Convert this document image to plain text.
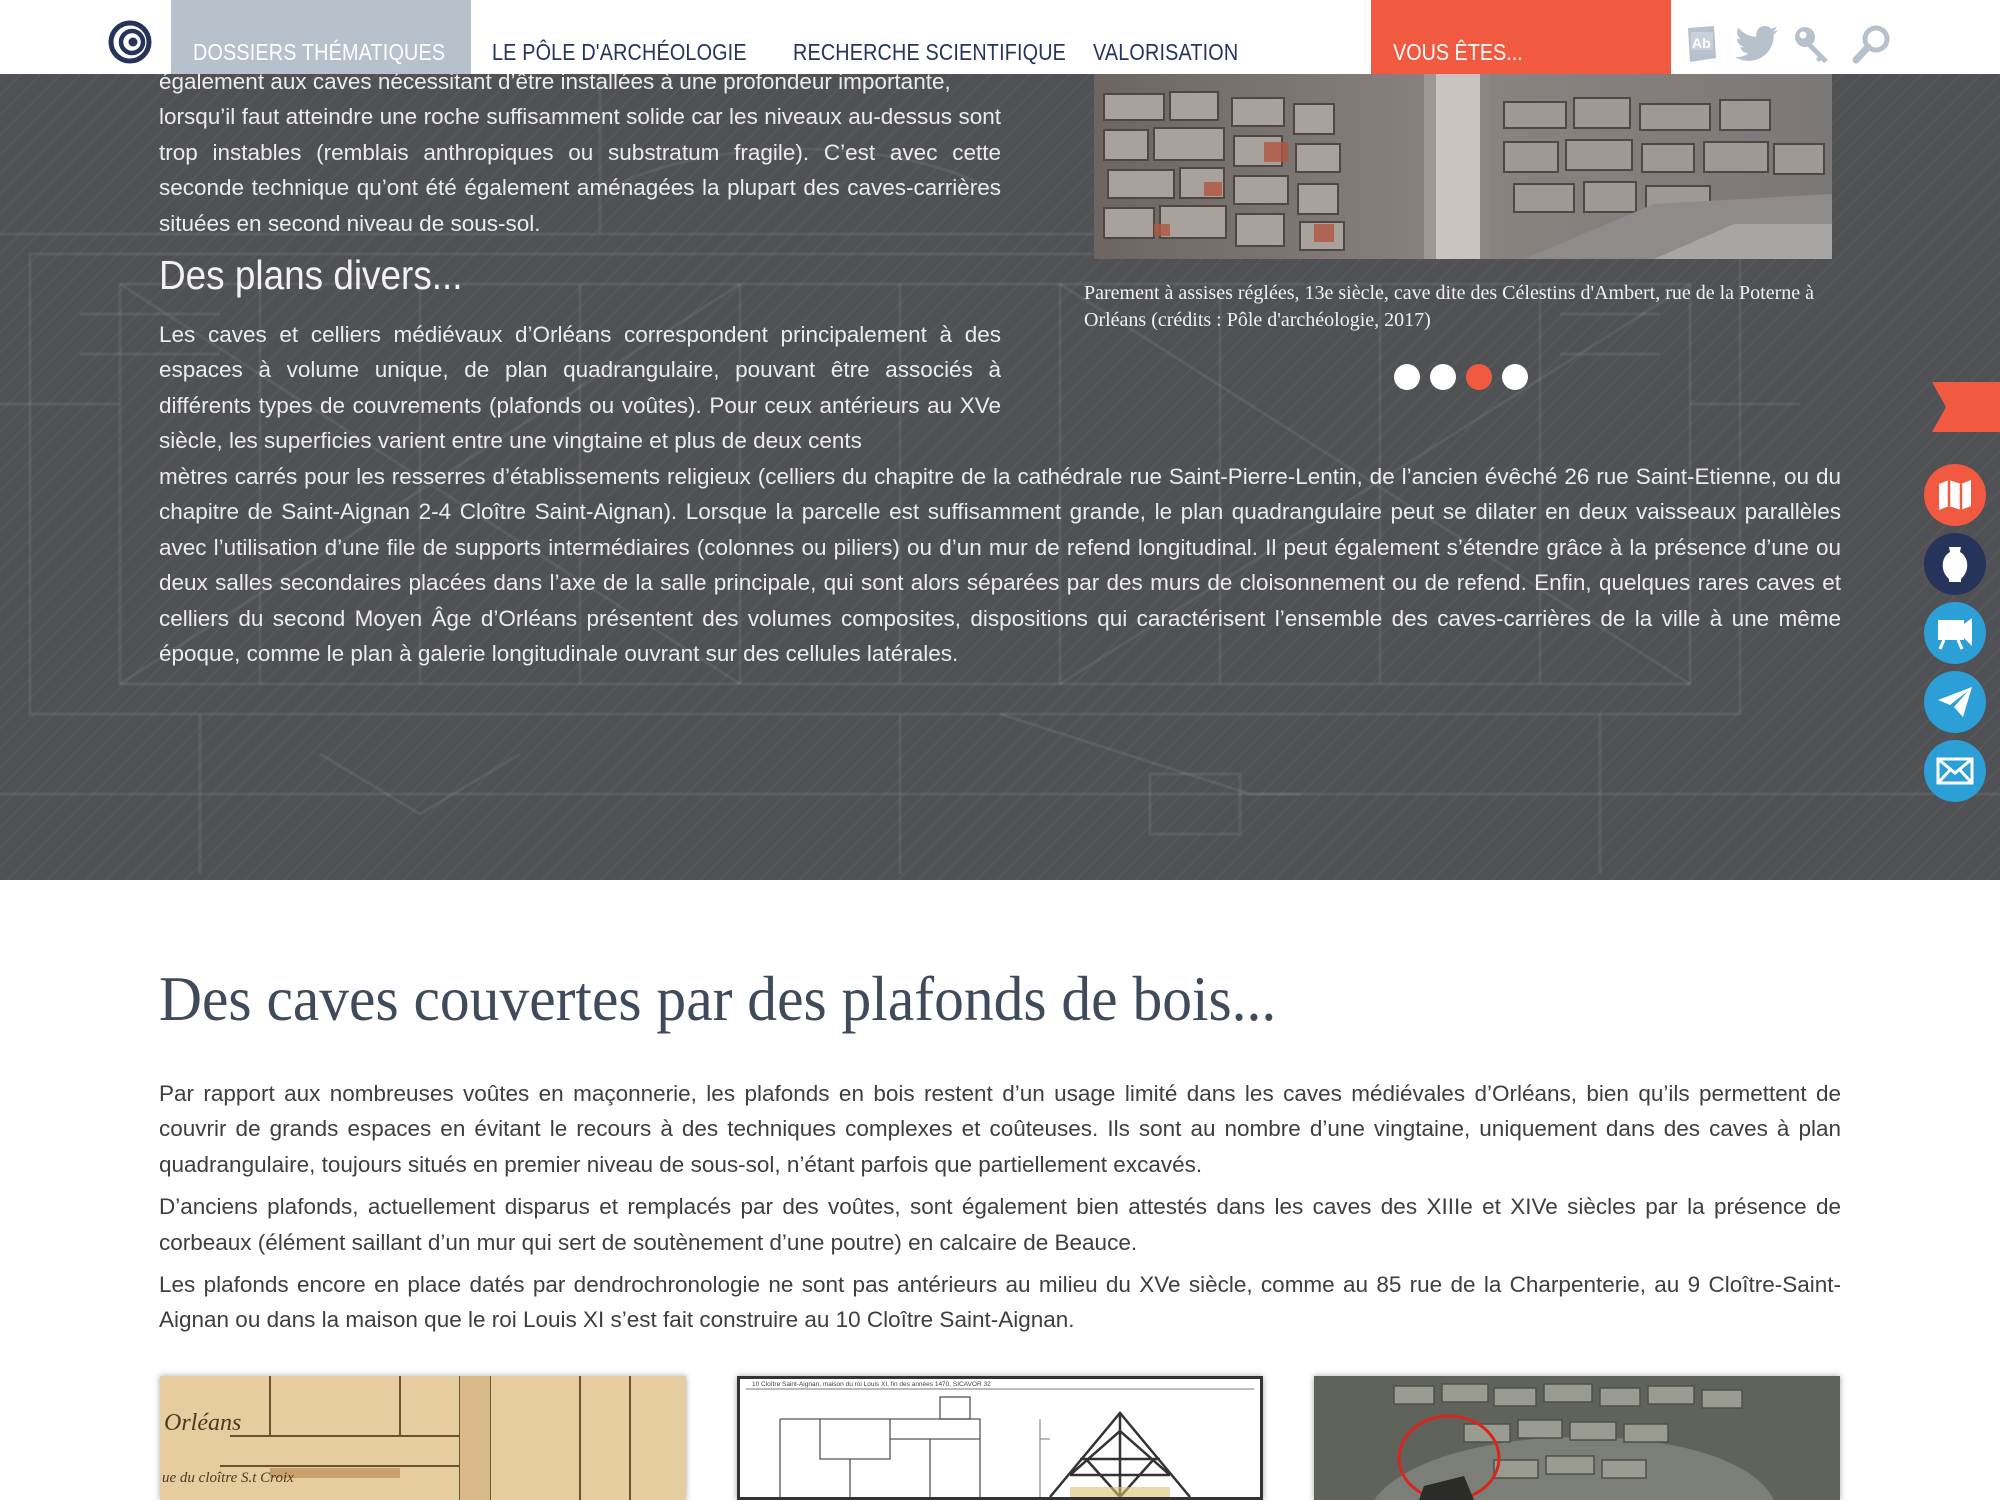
DOSSIERS THÉMATIQUES LE PÔLE D'ARCHÉOLOGIE RECHERCHE SCIENTIFIQUE VALORISATION	VOUS ÊTES...	Ab

également aux caves nécessitant d’être installées à une profondeur importante,

lorsqu’il faut atteindre une roche suffisamment solide car les niveaux au-dessus sont trop instables (remblais anthropiques ou substratum fragile). C’est avec cette seconde technique qu’ont été également aménagées la plupart des caves-carrières situées en second niveau de sous-sol.

Des plans divers...
Les caves et celliers médiévaux d’Orléans correspondent principalement à des espaces à volume unique, de plan quadrangulaire, pouvant être associés à différents types de couvrements (plafonds ou voûtes). Pour ceux antérieurs au XVe siècle, les superficies varient entre une vingtaine et plus de deux cents
mètres carrés pour les resserres d’établissements religieux (celliers du chapitre de la cathédrale rue Saint-Pierre-Lentin, de l’ancien évêché 26 rue Saint-Etienne, ou du chapitre de Saint-Aignan 2-4 Cloître Saint-Aignan). Lorsque la parcelle est suffisamment grande, le plan quadrangulaire peut se dilater en deux vaisseaux parallèles avec l’utilisation d’une file de supports intermédiaires (colonnes ou piliers) ou d’un mur de refend longitudinal. Il peut également s’étendre grâce à la présence d’une ou deux salles secondaires placées dans l’axe de la salle principale, qui sont alors séparées par des murs de cloisonnement ou de refend. Enfin, quelques rares caves et celliers du second Moyen Âge d’Orléans présentent des volumes composites, dispositions qui caractérisent l’ensemble des caves-carrières de la ville à une même époque, comme le plan à galerie longitudinale ouvrant sur des cellules latérales.
Parement à assises réglées, 13e siècle, cave dite des Célestins d'Ambert, rue de la Poterne à Orléans (crédits : Pôle d'archéologie, 2017)
Des caves couvertes par des plafonds de bois...

Par rapport aux nombreuses voûtes en maçonnerie, les plafonds en bois restent d’un usage limité dans les caves médiévales d’Orléans, bien qu’ils permettent de couvrir de grands espaces en évitant le recours à des techniques complexes et coûteuses. Ils sont au nombre d’une vingtaine, uniquement dans des caves à plan quadrangulaire, toujours situés en premier niveau de sous-sol, n’étant parfois que partiellement excavés.

D’anciens plafonds, actuellement disparus et remplacés par des voûtes, sont également bien attestés dans les caves des XIIIe et XIVe siècles par la présence de corbeaux (élément saillant d’un mur qui sert de soutènement d’une poutre) en calcaire de Beauce.

Les plafonds encore en place datés par dendrochronologie ne sont pas antérieurs au milieu du XVe siècle, comme au 85 rue de la Charpenterie, au 9 Cloître-Saint-Aignan ou dans la maison que le roi Louis XI s’est fait construire au 10 Cloître Saint-Aignan.

Orléans
ue du cloître S.t Croix
10 Cloître Saint-Aignan, maison du roi Louis XI, fin des années 1470, SICAVOR 32
